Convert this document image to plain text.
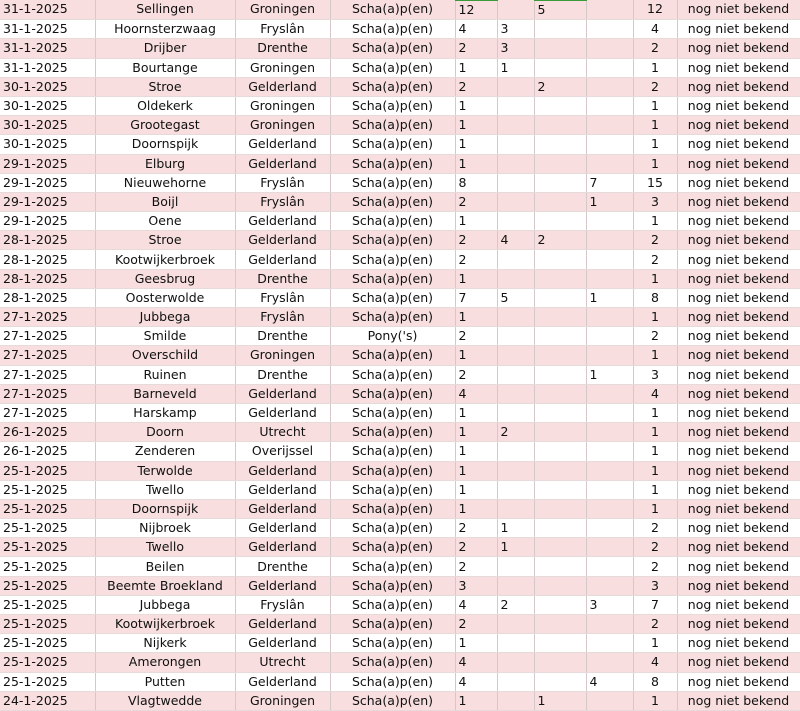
31-1-2025	Sellingen	Groningen	Scha(a)p(en)	12		5		12	nog niet bekend
31-1-2025	Hoornsterzwaag	Fryslân	Scha(a)p(en)	4	3			4	nog niet bekend
31-1-2025	Drijber	Drenthe	Scha(a)p(en)	2	3			2	nog niet bekend
31-1-2025	Bourtange	Groningen	Scha(a)p(en)	1	1			1	nog niet bekend
30-1-2025	Stroe	Gelderland	Scha(a)p(en)	2		2		2	nog niet bekend
30-1-2025	Oldekerk	Groningen	Scha(a)p(en)	1				1	nog niet bekend
30-1-2025	Grootegast	Groningen	Scha(a)p(en)	1				1	nog niet bekend
30-1-2025	Doornspijk	Gelderland	Scha(a)p(en)	1				1	nog niet bekend
29-1-2025	Elburg	Gelderland	Scha(a)p(en)	1				1	nog niet bekend
29-1-2025	Nieuwehorne	Fryslân	Scha(a)p(en)	8			7	15	nog niet bekend
29-1-2025	Boijl	Fryslân	Scha(a)p(en)	2			1	3	nog niet bekend
29-1-2025	Oene	Gelderland	Scha(a)p(en)	1				1	nog niet bekend
28-1-2025	Stroe	Gelderland	Scha(a)p(en)	2	4	2		2	nog niet bekend
28-1-2025	Kootwijkerbroek	Gelderland	Scha(a)p(en)	2				2	nog niet bekend
28-1-2025	Geesbrug	Drenthe	Scha(a)p(en)	1				1	nog niet bekend
28-1-2025	Oosterwolde	Fryslân	Scha(a)p(en)	7	5		1	8	nog niet bekend
27-1-2025	Jubbega	Fryslân	Scha(a)p(en)	1				1	nog niet bekend
27-1-2025	Smilde	Drenthe	Pony('s)	2				2	nog niet bekend
27-1-2025	Overschild	Groningen	Scha(a)p(en)	1				1	nog niet bekend
27-1-2025	Ruinen	Drenthe	Scha(a)p(en)	2			1	3	nog niet bekend
27-1-2025	Barneveld	Gelderland	Scha(a)p(en)	4				4	nog niet bekend
27-1-2025	Harskamp	Gelderland	Scha(a)p(en)	1				1	nog niet bekend
26-1-2025	Doorn	Utrecht	Scha(a)p(en)	1	2			1	nog niet bekend
26-1-2025	Zenderen	Overijssel	Scha(a)p(en)	1				1	nog niet bekend
25-1-2025	Terwolde	Gelderland	Scha(a)p(en)	1				1	nog niet bekend
25-1-2025	Twello	Gelderland	Scha(a)p(en)	1				1	nog niet bekend
25-1-2025	Doornspijk	Gelderland	Scha(a)p(en)	1				1	nog niet bekend
25-1-2025	Nijbroek	Gelderland	Scha(a)p(en)	2	1			2	nog niet bekend
25-1-2025	Twello	Gelderland	Scha(a)p(en)	2	1			2	nog niet bekend
25-1-2025	Beilen	Drenthe	Scha(a)p(en)	2				2	nog niet bekend
25-1-2025	Beemte Broekland	Gelderland	Scha(a)p(en)	3				3	nog niet bekend
25-1-2025	Jubbega	Fryslân	Scha(a)p(en)	4	2		3	7	nog niet bekend
25-1-2025	Kootwijkerbroek	Gelderland	Scha(a)p(en)	2				2	nog niet bekend
25-1-2025	Nijkerk	Gelderland	Scha(a)p(en)	1				1	nog niet bekend
25-1-2025	Amerongen	Utrecht	Scha(a)p(en)	4				4	nog niet bekend
25-1-2025	Putten	Gelderland	Scha(a)p(en)	4			4	8	nog niet bekend
24-1-2025	Vlagtwedde	Groningen	Scha(a)p(en)	1		1		1	nog niet bekend
